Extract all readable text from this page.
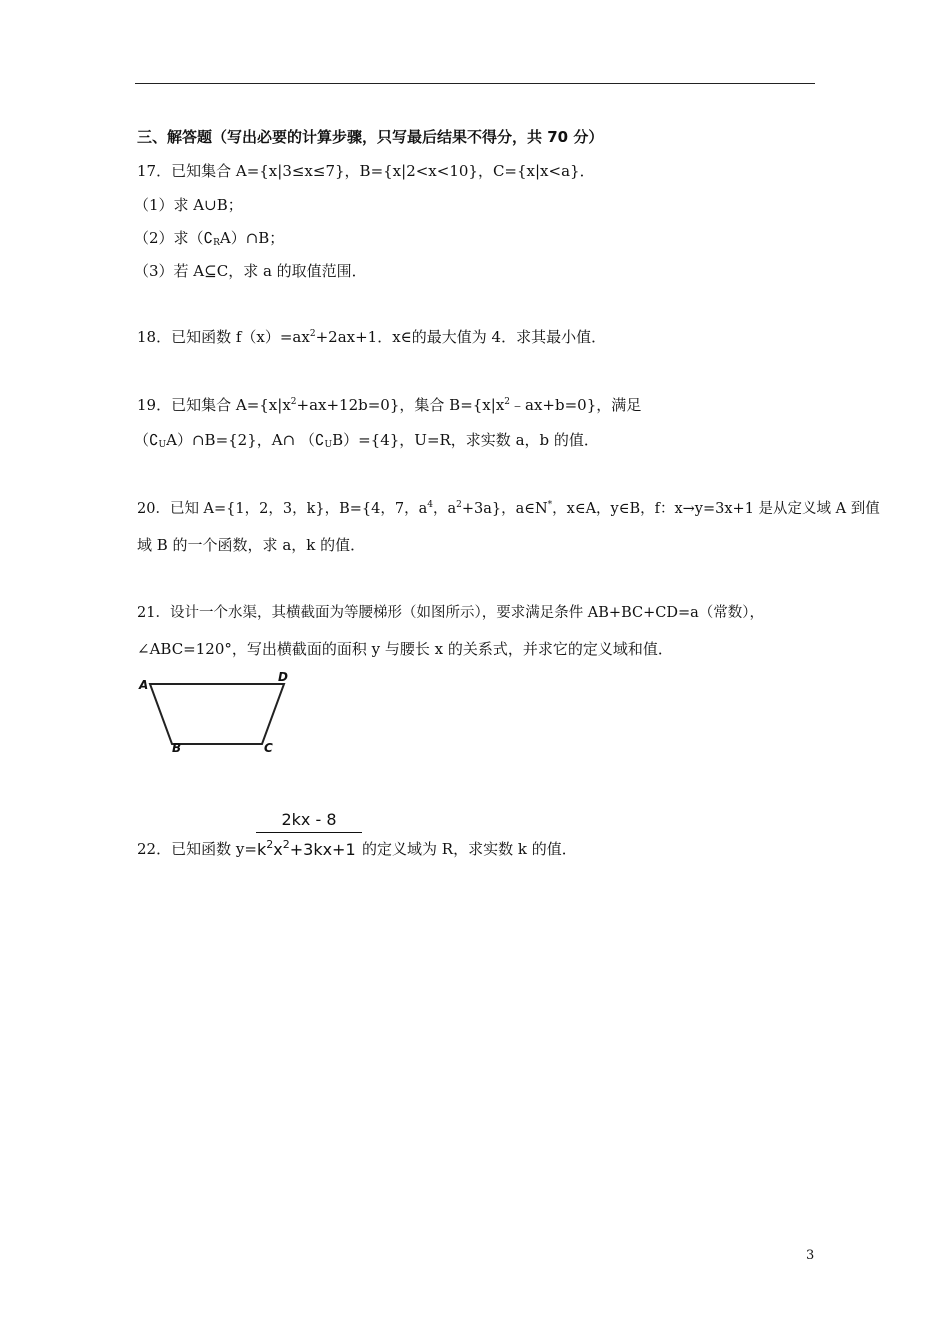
三、解答题（写出必要的计算步骤，只写最后结果不得分，共 70 分）
17．已知集合 A={x|3≤x≤7}，B={x|2<x<10}，C={x|x<a}．
（1）求 A∪B；
（2）求$(∁_RA)\cap B$；
（3）若 A⊆C，求 a 的取值范围．
18．已知函数 $f(x)=ax^2+2ax+1$．x∈的最大值为 4．求其最小值．
19．已知集合 $A=\{x|x^2+ax+12b=0\}$，集合 $B=\{x|x^2﹣ax+b=0\}$，满足
$(∁_UA)\cap B=\{2\}$，A∩ $(∁_UB)=\{4\}$，U=R，求实数 a，b 的值．
20．已知 A={1，2，3，k}，B={4，7，$a^4$，$a^2+3a$}，a∈N*，x∈A，y∈B，f：x→y=3x+1 是从定义域 A 到值
域 B 的一个函数，求 a，k 的值．
21．设计一个水渠，其横截面为等腰梯形（如图所示），要求满足条件 AB+BC+CD=a（常数），
∠ABC=120°，写出横截面的面积 y 与腰长 x 的关系式，并求它的定义域和值．
A
D
B	C
22．已知函数 y=
2kx - 8
$k^2x^2+3kx+1$ 的定义域为 R，求实数 k 的值．
3
